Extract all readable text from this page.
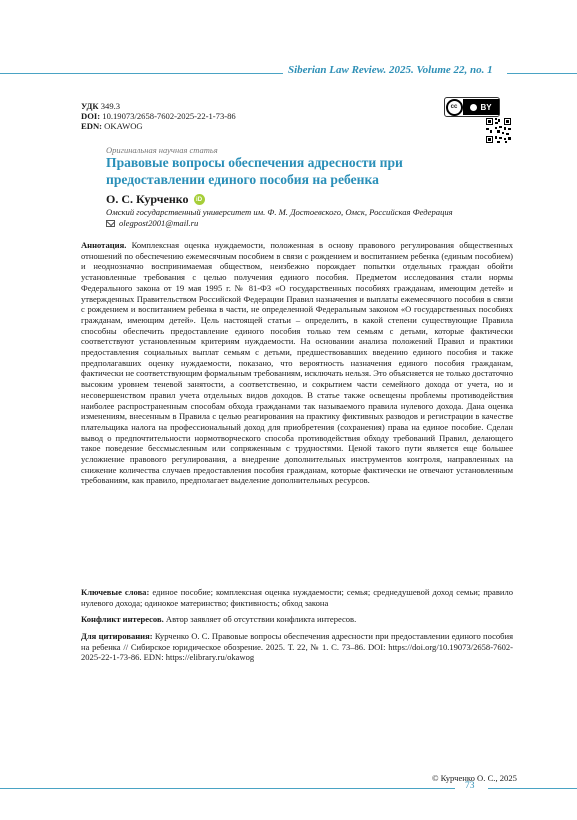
Siberian Law Review. 2025. Volume 22, no. 1
УДК 349.3
DOI: 10.19073/2658-7602-2025-22-1-73-86
EDN: OKAWOG
cc	BY
Оригинальная научная статья
Правовые вопросы обеспечения адресности при предоставлении единого пособия на ребенка
О. С. Курченко	iD
Омский государственный университет им. Ф. М. Достоевского, Омск, Российская Федерация
olegpost2001@mail.ru
Аннотация. Комплексная оценка нуждаемости, положенная в основу правового регулирования общественных отношений по обеспечению ежемесячным пособием в связи с рождением и воспитанием ребенка (единым пособием) и неоднозначно воспринимаемая обществом, неизбежно порождает попытки отдельных граждан обойти установленные требования с целью получения единого пособия. Предметом исследования стали нормы Федерального закона от 19 мая 1995 г. № 81-ФЗ «О государственных пособиях гражданам, имеющим детей» и утвержденных Правительством Российской Федерации Правил назначения и выплаты ежемесячного пособия в связи с рождением и воспитанием ребенка в части, не определенной Федеральным законом «О государственных пособиях гражданам, имеющим детей». Цель настоящей статьи – определить, в какой степени существующие Правила способны обеспечить предоставление единого пособия только тем семьям с детьми, которые фактически соответствуют установленным критериям нуждаемости. На основании анализа положений Правил и практики предоставления социальных выплат семьям с детьми, предшествовавших введению единого пособия и также предполагавших оценку нуждаемости, показано, что вероятность назначения единого пособия гражданам, фактически не соответствующим формальным требованиям, исключать нельзя. Это объясняется не только достаточно высоким уровнем теневой занятости, а соответственно, и сокрытием части семейного дохода от учета, но и несовершенством правил учета отдельных видов доходов. В статье также освещены проблемы противодействия наиболее распространенным способам обхода гражданами так называемого правила нулевого дохода. Дана оценка изменениям, внесенным в Правила с целью реагирования на практику фиктивных разводов и регистрации в качестве плательщика налога на профессиональный доход для приобретения (сохранения) права на единое пособие. Сделан вывод о предпочтительности нормотворческого способа противодействия обходу требований Правил, делающего такое поведение бессмысленным или сопряженным с трудностями. Ценой такого пути является еще большее усложнение правового регулирования, а внедрение дополнительных инструментов контроля, направленных на снижение количества случаев предоставления пособия гражданам, которые фактически не отвечают установленным требованиям, как правило, предполагает выделение дополнительных ресурсов.
Ключевые слова: единое пособие; комплексная оценка нуждаемости; семья; среднедушевой доход семьи; правило нулевого дохода; одинокое материнство; фиктивность; обход закона
Конфликт интересов. Автор заявляет об отсутствии конфликта интересов.
Для цитирования: Курченко О. С. Правовые вопросы обеспечения адресности при предоставлении единого пособия на ребенка // Сибирское юридическое обозрение. 2025. Т. 22, № 1. С. 73–86. DOI: https://doi.org/10.19073/2658-7602-2025-22-1-73-86. EDN: https://elibrary.ru/okawog
© Курченко О. С., 2025
73
